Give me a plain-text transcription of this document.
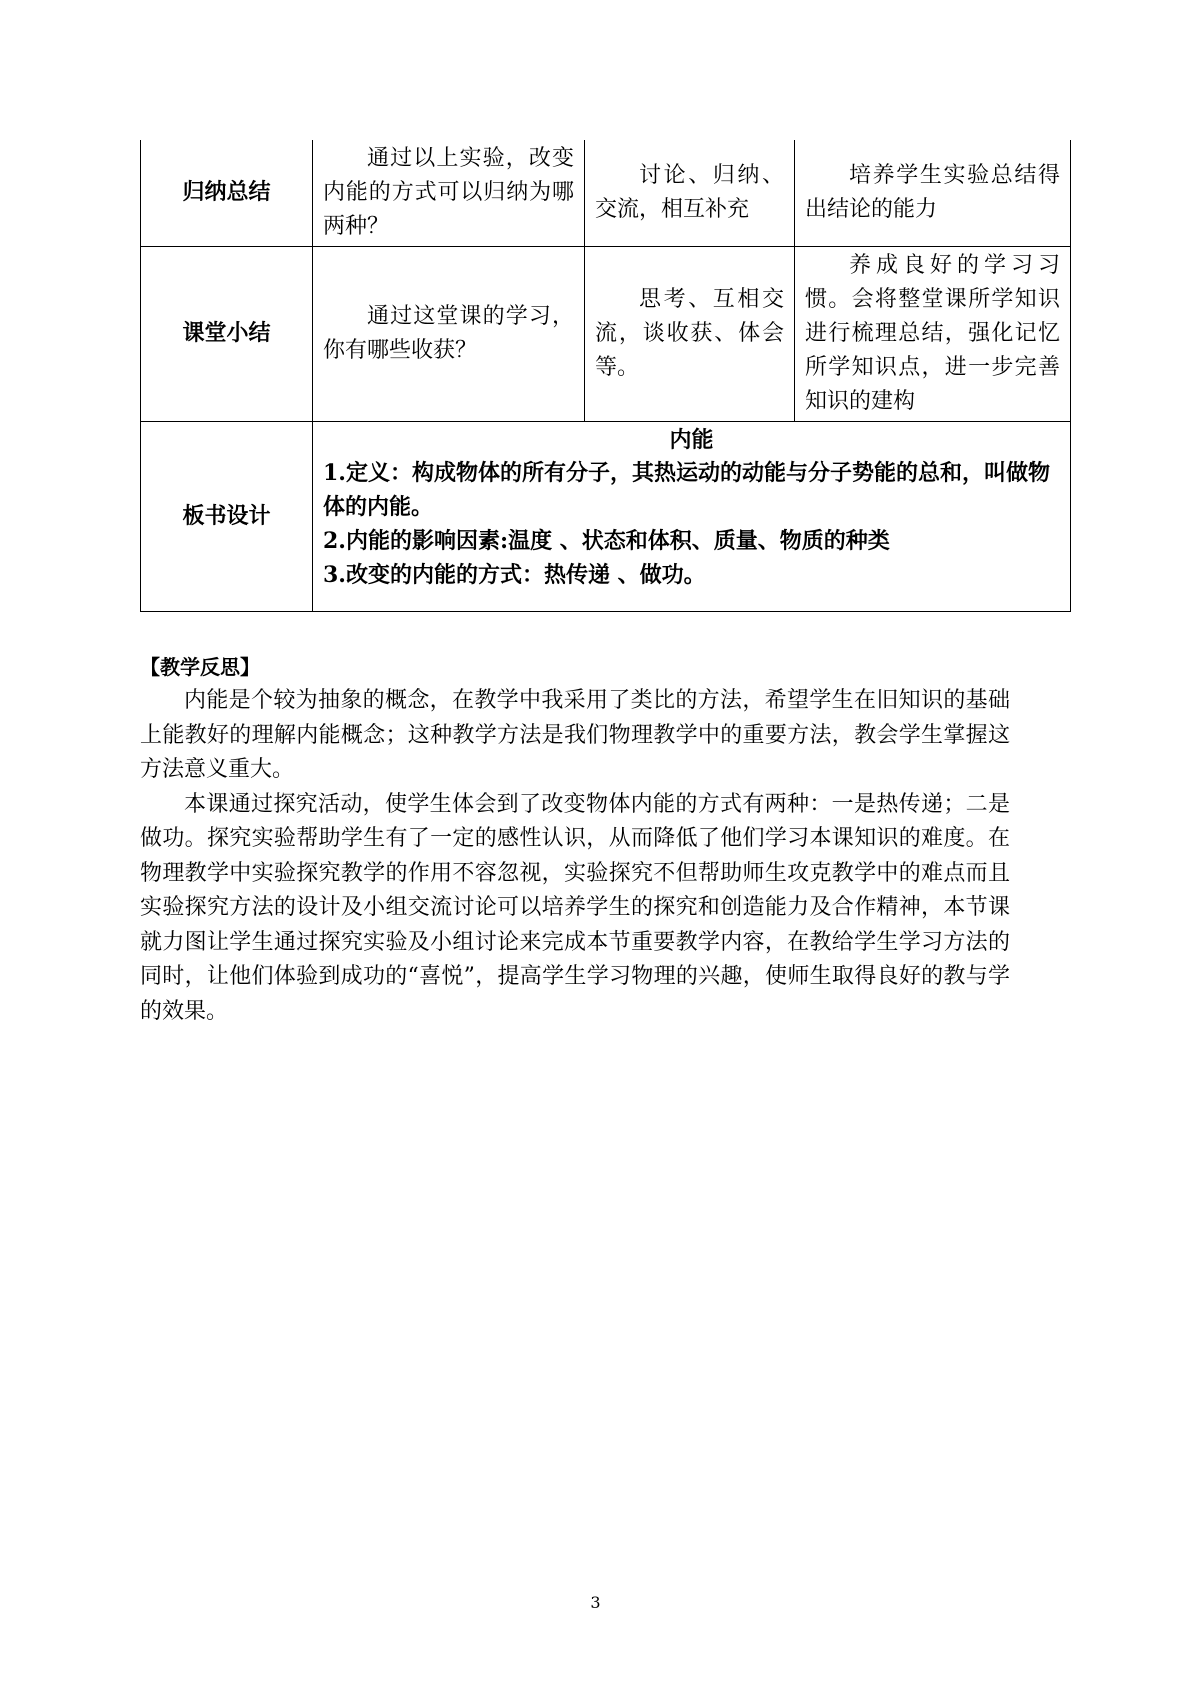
归纳总结	通过以上实验，改变内能的方式可以归纳为哪两种？	讨论、归纳、交流，相互补充	培养学生实验总结得出结论的能力
课堂小结	通过这堂课的学习，你有哪些收获？	思考、互相交流，谈收获、体会等。	养成良好的学习习惯。会将整堂课所学知识进行梳理总结，强化记忆所学知识点，进一步完善知识的建构
板书设计	内能
1.定义：构成物体的所有分子，其热运动的动能与分子势能的总和，叫做物体的内能。
2.内能的影响因素:温度 、状态和体积、质量、物质的种类
3.改变的内能的方式：热传递 、做功。		
【教学反思】

内能是个较为抽象的概念，在教学中我采用了类比的方法，希望学生在旧知识的基础上能教好的理解内能概念；这种教学方法是我们物理教学中的重要方法，教会学生掌握这方法意义重大。

本课通过探究活动，使学生体会到了改变物体内能的方式有两种：一是热传递；二是做功。探究实验帮助学生有了一定的感性认识，从而降低了他们学习本课知识的难度。在物理教学中实验探究教学的作用不容忽视，实验探究不但帮助师生攻克教学中的难点而且实验探究方法的设计及小组交流讨论可以培养学生的探究和创造能力及合作精神，本节课就力图让学生通过探究实验及小组讨论来完成本节重要教学内容，在教给学生学习方法的同时，让他们体验到成功的“喜悦”，提高学生学习物理的兴趣，使师生取得良好的教与学的效果。

3
